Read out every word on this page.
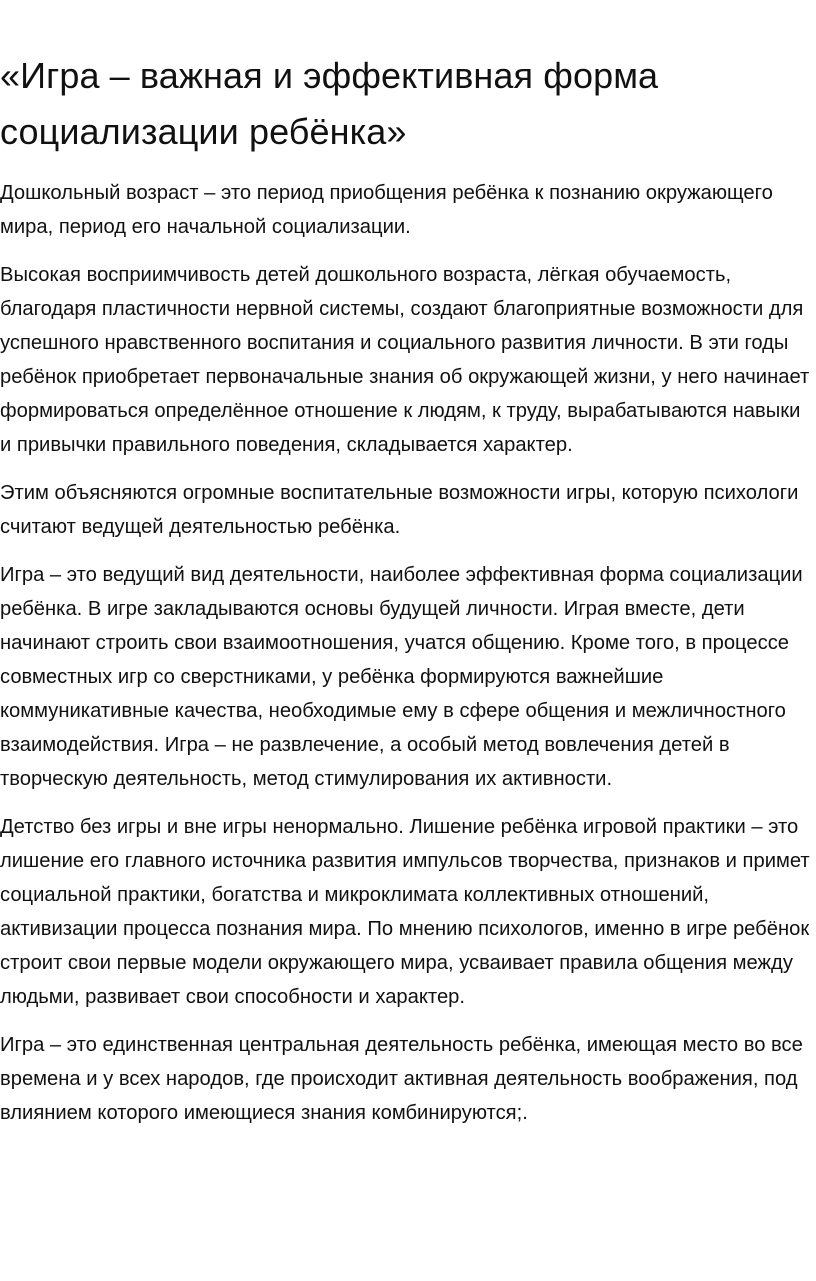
«Игра – важная и эффективная форма
социализации ребёнка»

Дошкольный возраст – это период приобщения ребёнка к познанию окружающего мира, период его начальной социализации.

Высокая восприимчивость детей дошкольного возраста, лёгкая обучаемость, благодаря пластичности нервной системы, создают благоприятные возможности для успешного нравственного воспитания и социального развития личности. В эти годы ребёнок приобретает первоначальные знания об окружающей жизни, у него начинает формироваться определённое отношение к людям, к труду, вырабатываются навыки и привычки правильного поведения, складывается характер.

Этим объясняются огромные воспитательные возможности игры, которую психологи считают ведущей деятельностью ребёнка.

Игра – это ведущий вид деятельности, наиболее эффективная форма социализации ребёнка. В игре закладываются основы будущей личности. Играя вместе, дети начинают строить свои взаимоотношения, учатся общению. Кроме того, в процессе совместных игр со сверстниками, у ребёнка формируются важнейшие коммуникативные качества, необходимые ему в сфере общения и межличностного взаимодействия. Игра – не развлечение, а особый метод вовлечения детей в творческую деятельность, метод стимулирования их активности.

Детство без игры и вне игры ненормально. Лишение ребёнка игровой практики – это лишение его главного источника развития импульсов творчества, признаков и примет социальной практики, богатства и микроклимата коллективных отношений, активизации процесса познания мира. По мнению психологов, именно в игре ребёнок строит свои первые модели окружающего мира, усваивает правила общения между людьми, развивает свои способности и характер.

Игра – это единственная центральная деятельность ребёнка, имеющая место во все времена и у всех народов, где происходит активная деятельность воображения, под влиянием которого имеющиеся знания комбинируются;.
